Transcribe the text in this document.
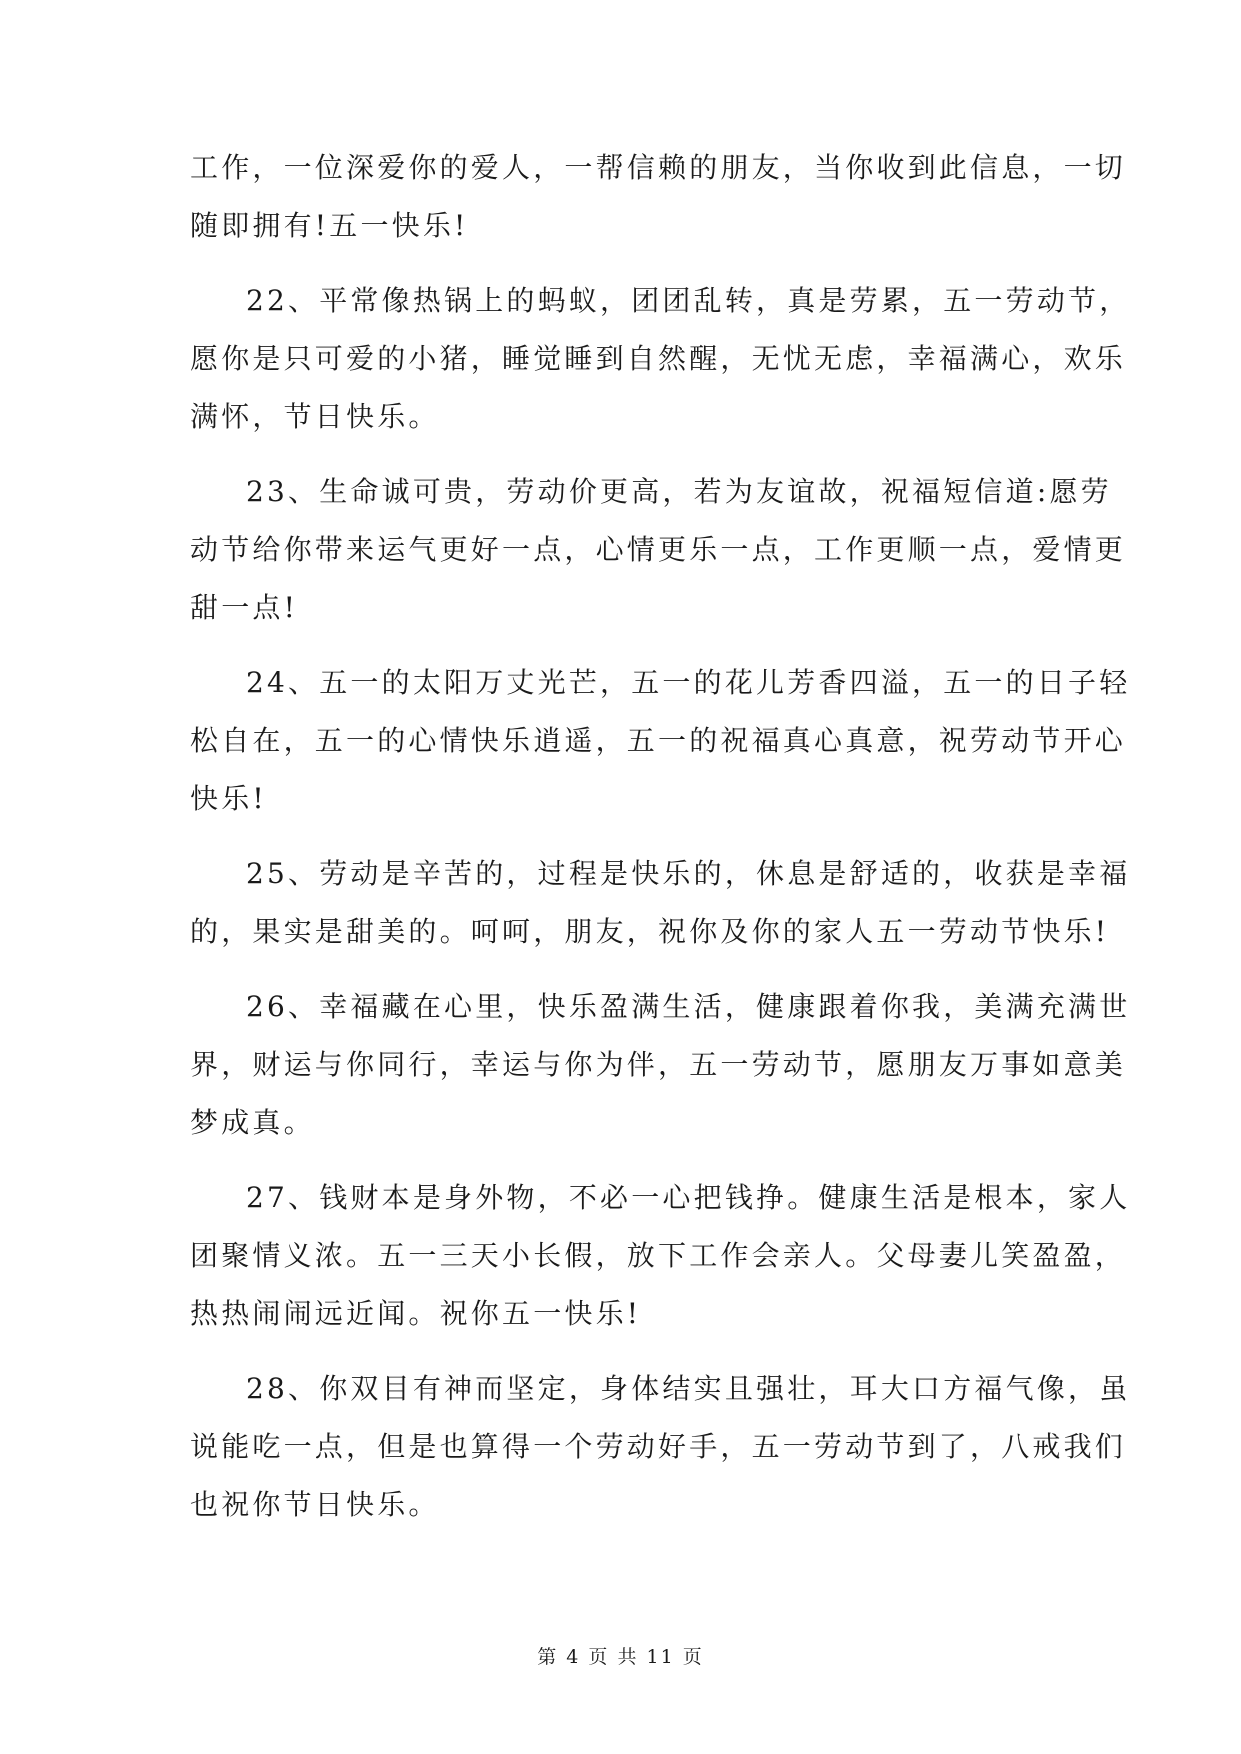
工作，一位深爱你的爱人，一帮信赖的朋友，当你收到此信息，一切
随即拥有!五一快乐!
22、平常像热锅上的蚂蚁，团团乱转，真是劳累，五一劳动节，
愿你是只可爱的小猪，睡觉睡到自然醒，无忧无虑，幸福满心，欢乐
满怀，节日快乐。
23、生命诚可贵，劳动价更高，若为友谊故，祝福短信道:愿劳
动节给你带来运气更好一点，心情更乐一点，工作更顺一点，爱情更
甜一点!
24、五一的太阳万丈光芒，五一的花儿芳香四溢，五一的日子轻
松自在，五一的心情快乐逍遥，五一的祝福真心真意，祝劳动节开心
快乐!
25、劳动是辛苦的，过程是快乐的，休息是舒适的，收获是幸福
的，果实是甜美的。呵呵，朋友，祝你及你的家人五一劳动节快乐!
26、幸福藏在心里，快乐盈满生活，健康跟着你我，美满充满世
界，财运与你同行，幸运与你为伴，五一劳动节，愿朋友万事如意美
梦成真。
27、钱财本是身外物，不必一心把钱挣。健康生活是根本，家人
团聚情义浓。五一三天小长假，放下工作会亲人。父母妻儿笑盈盈，
热热闹闹远近闻。祝你五一快乐!
28、你双目有神而坚定，身体结实且强壮，耳大口方福气像，虽
说能吃一点，但是也算得一个劳动好手，五一劳动节到了，八戒我们
也祝你节日快乐。
第 4 页 共 11 页
